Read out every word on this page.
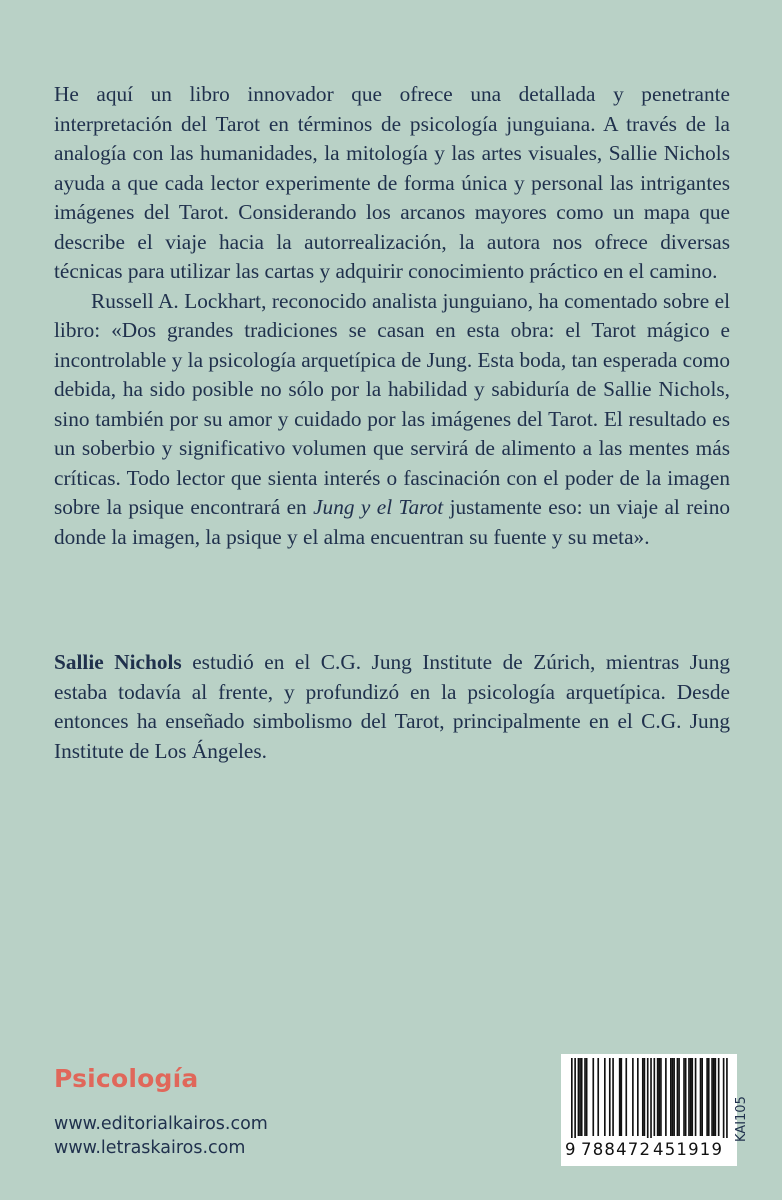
He aquí un libro innovador que ofrece una detallada y penetrante interpretación del Tarot en términos de psicología junguiana. A través de la analogía con las humanidades, la mitología y las artes visuales, Sallie Nichols ayuda a que cada lector experimente de forma única y personal las intrigantes imágenes del Tarot. Considerando los arcanos mayores como un mapa que describe el viaje hacia la autorrealización, la autora nos ofrece diversas técnicas para utilizar las cartas y adquirir conocimiento práctico en el camino.

Russell A. Lockhart, reconocido analista junguiano, ha comentado sobre el libro: «Dos grandes tradiciones se casan en esta obra: el Tarot mágico e incontrolable y la psicología arquetípica de Jung. Esta boda, tan esperada como debida, ha sido posible no sólo por la habilidad y sabiduría de Sallie Nichols, sino también por su amor y cuidado por las imágenes del Tarot. El resultado es un soberbio y significativo volumen que servirá de alimento a las mentes más críticas. Todo lector que sienta interés o fascinación con el poder de la imagen sobre la psique encontrará en Jung y el Tarot justamente eso: un viaje al reino donde la imagen, la psique y el alma encuentran su fuente y su meta».

Sallie Nichols estudió en el C.G. Jung Institute de Zúrich, mientras Jung estaba todavía al frente, y profundizó en la psicología arquetípica. Desde entonces ha enseñado simbolismo del Tarot, principalmente en el C.G. Jung Institute de Los Ángeles.

Psicología
www.editorialkairos.com
www.letraskairos.com	9 788472 451919
KAI105
